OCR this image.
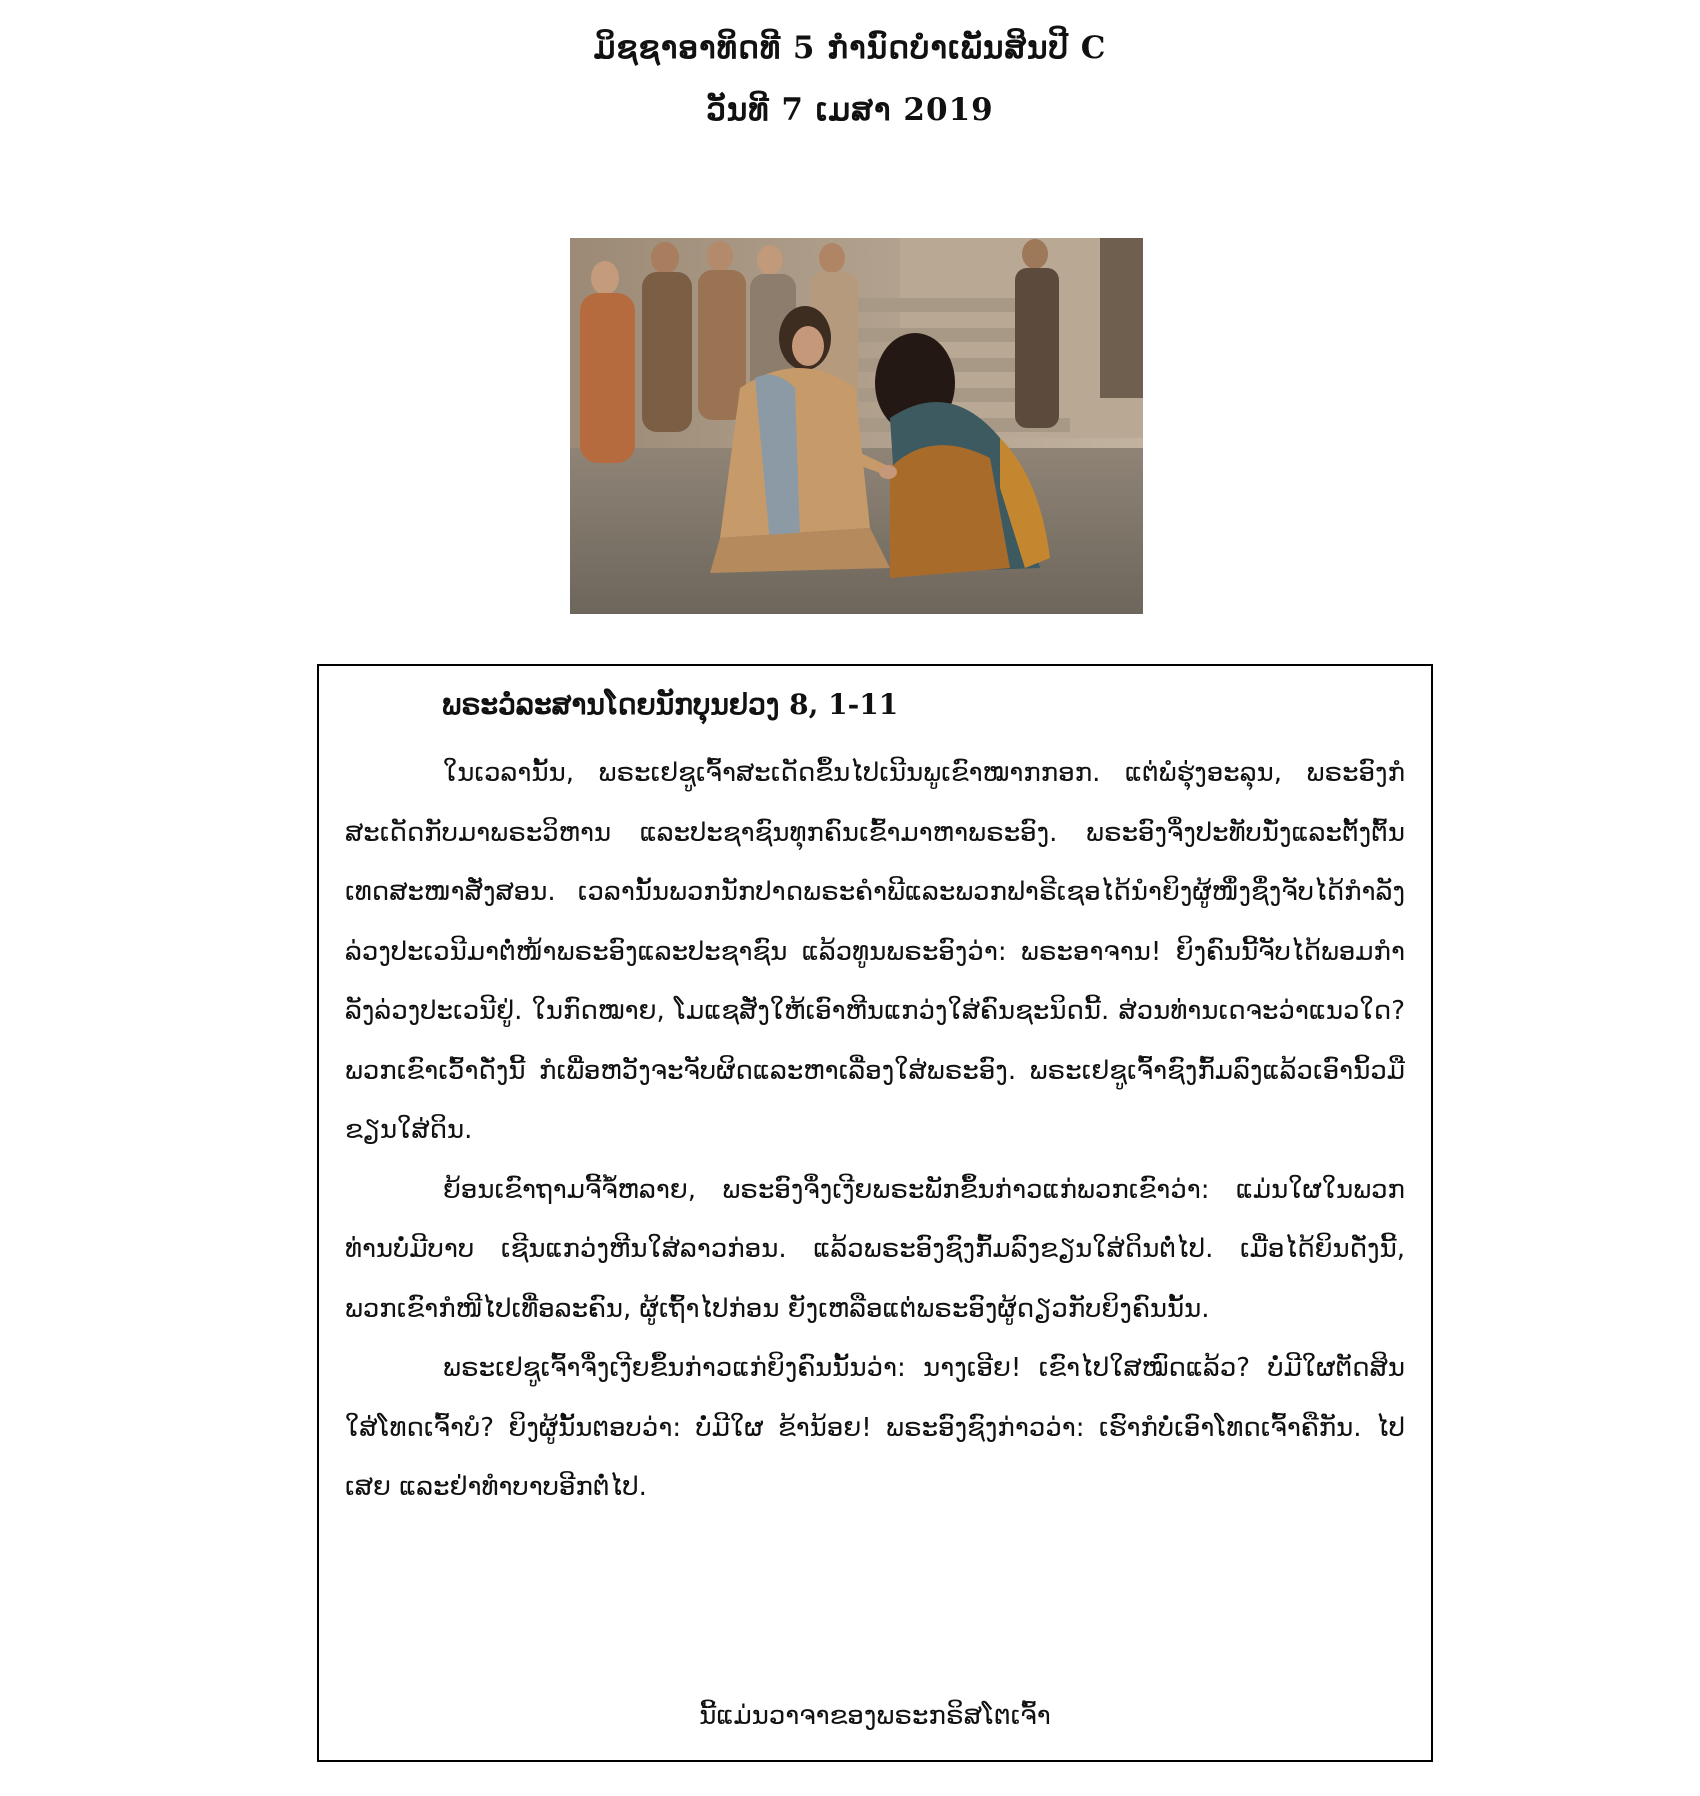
ມິຊຊາອາທິດທີ 5 ກໍານົດບໍາເພັນສິນປີ C
ວັນທີ 7 ເມສາ 2019
ພຣະວໍລະສານໂດຍນັກບຸນຢວງ 8, 1-11

ໃນເວລານັ້ນ, ພຣະເຢຊູເຈົ້າສະເດັດຂຶ້ນໄປເນີນພູເຂົາໝາກກອກ. ແຕ່ພໍຮຸ່ງອະລຸນ, ພຣະອົງກໍສະເດັດກັບມາພຣະວິຫານ ແລະປະຊາຊົນທຸກຄົນເຂົ້າມາຫາພຣະອົງ. ພຣະອົງຈຶ່ງປະທັບນັ່ງແລະຕັ້ງຕົ້ນເທດສະໜາສັ່ງສອນ. ເວລານັ້ນພວກນັກປາດພຣະຄໍາພີແລະພວກຟາຣີເຊອໄດ້ນໍາຍິງຜູ້ໜຶ່ງຊຶ່ງຈັບໄດ້ກໍາລັງລ່ວງປະເວນີມາຕໍ່ໜ້າພຣະອົງແລະປະຊາຊົນ ແລ້ວທູນພຣະອົງວ່າ: ພຣະອາຈານ! ຍິງຄົນນີ້ຈັບໄດ້ພອມກໍາລັງລ່ວງປະເວນີຢູ່. ໃນກົດໝາຍ, ໂມແຊສັ່ງໃຫ້ເອົາຫີນແກວ່ງໃສ່ຄົນຊະນິດນີ້. ສ່ວນທ່ານເດຈະວ່າແນວໃດ? ພວກເຂົາເວົ້າດັ່ງນີ້ ກໍເພື່ອຫວັງຈະຈັບຜິດແລະຫາເລື່ອງໃສ່ພຣະອົງ. ພຣະເຢຊູເຈົ້າຊົງກົ້ມລົງແລ້ວເອົານິ້ວມືຂຽນໃສ່ດິນ.

ຍ້ອນເຂົາຖາມຈີ້ຈໍ້ຫລາຍ, ພຣະອົງຈຶ່ງເງີຍພຣະພັກຂຶ້ນກ່າວແກ່ພວກເຂົາວ່າ: ແມ່ນໃຜໃນພວກທ່ານບໍ່ມີບາບ ເຊີນແກວ່ງຫີນໃສ່ລາວກ່ອນ. ແລ້ວພຣະອົງຊົງກົ້ມລົງຂຽນໃສ່ດິນຕໍ່ໄປ. ເມື່ອໄດ້ຍິນດັ່ງນີ້, ພວກເຂົາກໍໜີໄປເທື່ອລະຄົນ, ຜູ້ເຖົ້າໄປກ່ອນ ຍັງເຫລືອແຕ່ພຣະອົງຜູ້ດຽວກັບຍິງຄົນນັ້ນ.

ພຣະເຢຊູເຈົ້າຈຶ່ງເງີຍຂຶ້ນກ່າວແກ່ຍິງຄົນນັ້ນວ່າ: ນາງເອີຍ! ເຂົາໄປໃສໝົດແລ້ວ? ບໍ່ມີໃຜຕັດສິນໃສ່ໂທດເຈົ້າບໍ? ຍິງຜູ້ນັ້ນຕອບວ່າ: ບໍ່ມີໃຜ ຂ້ານ້ອຍ! ພຣະອົງຊົງກ່າວວ່າ: ເຮົາກໍບໍ່ເອົາໂທດເຈົ້າຄືກັນ. ໄປເສຍ ແລະຢ່າທໍາບາບອີກຕໍ່ໄປ.

ນີ້ແມ່ນວາຈາຂອງພຣະກຣິສໂຕເຈົ້າ
